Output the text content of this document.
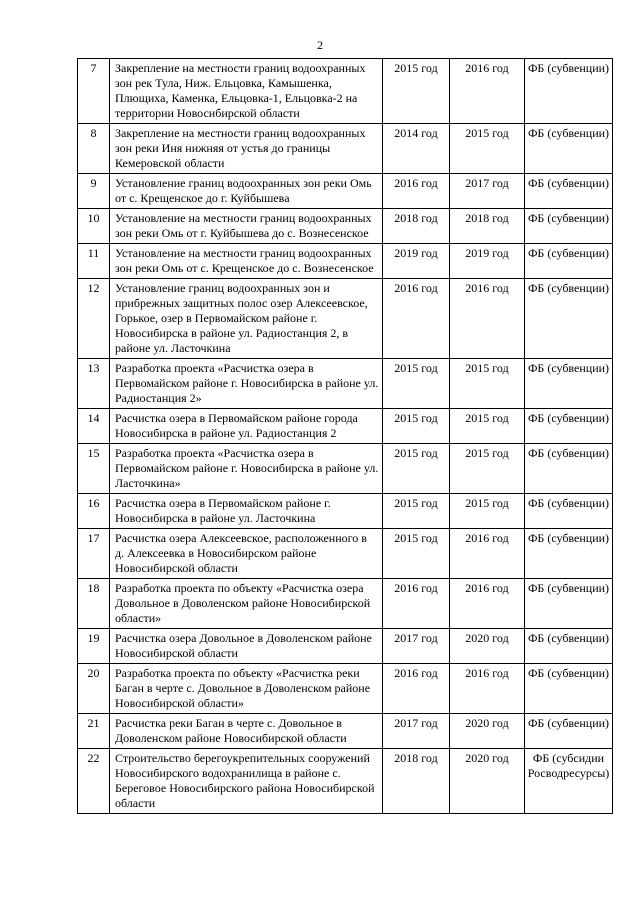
2
7	Закрепление на местности границ водоохранных зон рек Тула, Ниж. Ельцовка, Камышенка, Плющиха, Каменка, Ельцовка-1, Ельцовка-2 на территории Новосибирской области	2015 год	2016 год	ФБ (субвенции)
8	Закрепление на местности границ водоохранных зон реки Иня нижняя от устья до границы Кемеровской области	2014 год	2015 год	ФБ (субвенции)
9	Установление границ водоохранных зон реки Омь от с. Крещенское до г. Куйбышева	2016 год	2017 год	ФБ (субвенции)
10	Установление на местности границ водоохранных зон реки Омь от г. Куйбышева до с. Вознесенское	2018 год	2018 год	ФБ (субвенции)
11	Установление на местности границ водоохранных зон реки Омь от с. Крещенское до с. Вознесенское	2019 год	2019 год	ФБ (субвенции)
12	Установление границ водоохранных зон и прибрежных защитных полос озер Алексеевское, Горькое, озер в Первомайском районе г. Новосибирска в районе ул. Радиостанция 2, в районе ул. Ласточкина	2016 год	2016 год	ФБ (субвенции)
13	Разработка проекта «Расчистка озера в Первомайском районе г. Новосибирска в районе ул. Радиостанция 2»	2015 год	2015 год	ФБ (субвенции)
14	Расчистка озера в Первомайском районе города Новосибирска в районе ул. Радиостанция 2	2015 год	2015 год	ФБ (субвенции)
15	Разработка проекта «Расчистка озера в Первомайском районе г. Новосибирска в районе ул. Ласточкина»	2015 год	2015 год	ФБ (субвенции)
16	Расчистка озера в Первомайском районе г. Новосибирска в районе ул. Ласточкина	2015 год	2015 год	ФБ (субвенции)
17	Расчистка озера Алексеевское, расположенного в д. Алексеевка в Новосибирском районе Новосибирской области	2015 год	2016 год	ФБ (субвенции)
18	Разработка проекта по объекту «Расчистка озера Довольное в Доволенском районе Новосибирской области»	2016 год	2016 год	ФБ (субвенции)
19	Расчистка озера Довольное в Доволенском районе Новосибирской области	2017 год	2020 год	ФБ (субвенции)
20	Разработка проекта по объекту «Расчистка реки Баган в черте с. Довольное в Доволенском районе Новосибирской области»	2016 год	2016 год	ФБ (субвенции)
21	Расчистка реки Баган в черте с. Довольное в Доволенском районе Новосибирской области	2017 год	2020 год	ФБ (субвенции)
22	Строительство берегоукрепительных сооружений Новосибирского водохранилища в районе с. Береговое Новосибирского района Новосибирской области	2018 год	2020 год	ФБ (субсидии Росводресурсы)
